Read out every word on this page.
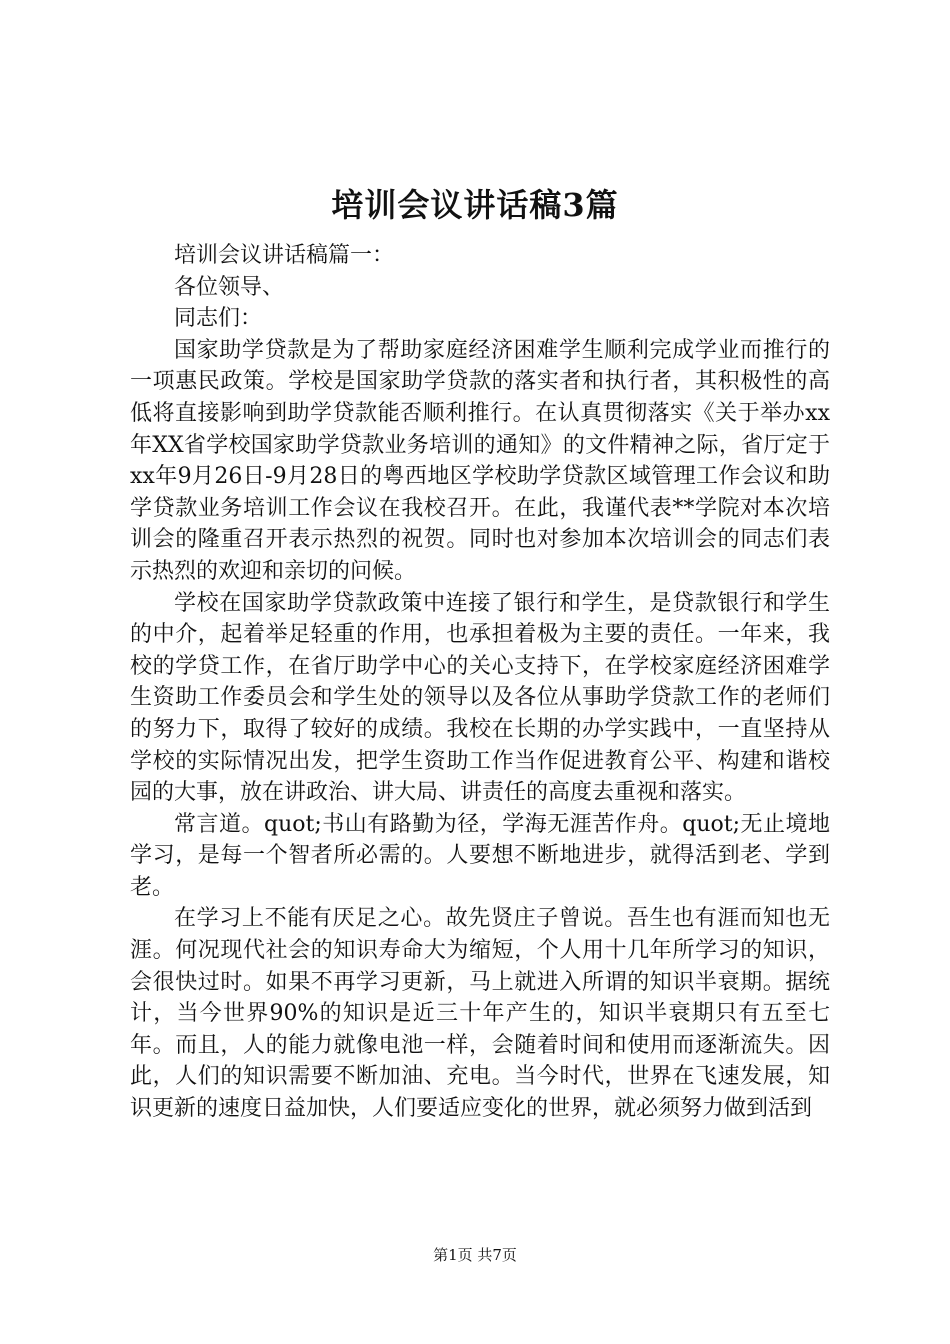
培训会议讲话稿3篇

培训会议讲话稿篇一：

各位领导、

同志们：

国家助学贷款是为了帮助家庭经济困难学生顺利完成学业而推行的一项惠民政策。学校是国家助学贷款的落实者和执行者，其积极性的高低将直接影响到助学贷款能否顺利推行。在认真贯彻落实《关于举办xx年XX省学校国家助学贷款业务培训的通知》的文件精神之际，省厅定于xx年9月26日-9月28日的粤西地区学校助学贷款区域管理工作会议和助学贷款业务培训工作会议在我校召开。在此，我谨代表**学院对本次培训会的隆重召开表示热烈的祝贺。同时也对参加本次培训会的同志们表示热烈的欢迎和亲切的问候。

学校在国家助学贷款政策中连接了银行和学生，是贷款银行和学生的中介，起着举足轻重的作用，也承担着极为主要的责任。一年来，我校的学贷工作，在省厅助学中心的关心支持下，在学校家庭经济困难学生资助工作委员会和学生处的领导以及各位从事助学贷款工作的老师们的努力下，取得了较好的成绩。我校在长期的办学实践中，一直坚持从学校的实际情况出发，把学生资助工作当作促进教育公平、构建和谐校园的大事，放在讲政治、讲大局、讲责任的高度去重视和落实。

常言道。quot;书山有路勤为径，学海无涯苦作舟。quot;无止境地学习，是每一个智者所必需的。人要想不断地进步，就得活到老、学到老。

在学习上不能有厌足之心。故先贤庄子曾说。吾生也有涯而知也无涯。何况现代社会的知识寿命大为缩短，个人用十几年所学习的知识，会很快过时。如果不再学习更新，马上就进入所谓的知识半衰期。据统计，当今世界90%的知识是近三十年产生的，知识半衰期只有五至七年。而且，人的能力就像电池一样，会随着时间和使用而逐渐流失。因此，人们的知识需要不断加油、充电。当今时代，世界在飞速发展，知识更新的速度日益加快，人们要适应变化的世界，就必须努力做到活到

第1页 共7页
